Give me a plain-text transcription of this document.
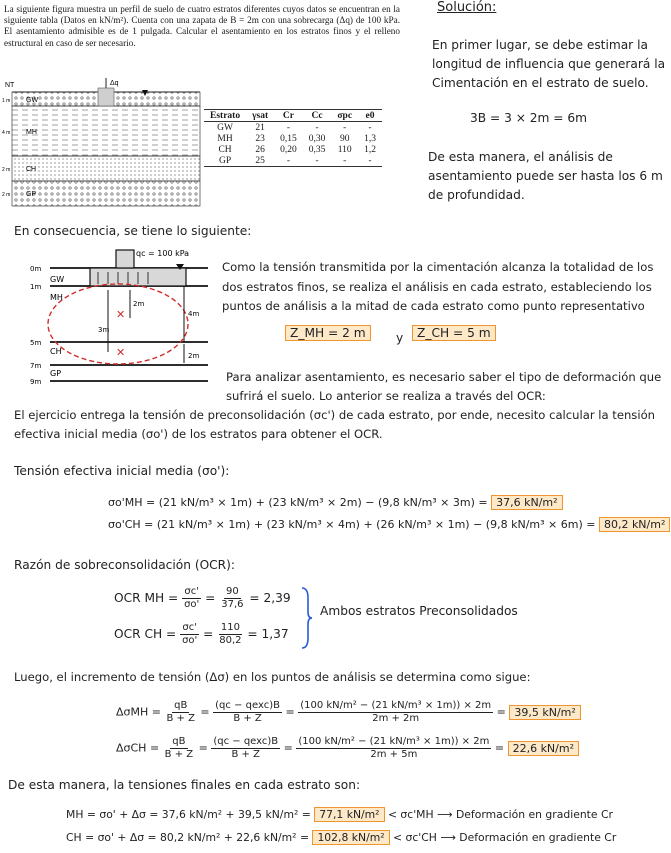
La siguiente figura muestra un perfil de suelo de cuatro estratos diferentes cuyos datos se encuentran en la siguiente tabla (Datos en kN/m²). Cuenta con una zapata de B = 2m con una sobrecarga (Δq) de 100 kPa. El asentamiento admisible es de 1 pulgada. Calcular el asentamiento en los estratos finos y el relleno estructural en caso de ser necesario.
NT	Δq
GW
MH
CH
GP
1 m
4 m
2 m
2 m
Estrato	γsat	Cr	Cc	σpc	e0
GW	21	-	-	-	-
MH	23	0,15	0,30	90	1,3
CH	26	0,20	0,35	110	1,2
GP	25	-	-	-	-
Solución:
En primer lugar, se debe estimar la longitud de influencia que generará la Cimentación en el estrato de suelo.
3B = 3 × 2m = 6m
De esta manera, el análisis de asentamiento puede ser hasta los 6 m de profundidad.
En consecuencia, se tiene lo siguiente:
✕
✕
qc = 100 kPa
0m
1m
5m
7m
9m
GW
MH
CH
GP
2m
3m
4m
2m
Como la tensión transmitida por la cimentación alcanza la totalidad de los dos estratos finos, se realiza el análisis en cada estrato, estableciendo los puntos de análisis a la mitad de cada estrato como punto representativo
Z_MH = 2 m	y	Z_CH = 5 m
Para analizar asentamiento, es necesario saber el tipo de deformación que sufrirá el suelo. Lo anterior se realiza a través del OCR:
El ejercicio entrega la tensión de preconsolidación (σc') de cada estrato, por ende, necesito calcular la tensión efectiva inicial media (σo') de los estratos para obtener el OCR.
Tensión efectiva inicial media (σo'):
σo'MH = (21 kN/m³ × 1m) + (23 kN/m³ × 2m) − (9,8 kN/m³ × 3m) = 37,6 kN/m²
σo'CH = (21 kN/m³ × 1m) + (23 kN/m³ × 4m) + (26 kN/m³ × 1m) − (9,8 kN/m³ × 6m) = 80,2 kN/m²
Razón de sobreconsolidación (OCR):
OCR MH = $\frac{\sigma c'}{\sigma o'} = \frac{90}{37,6} = 2,39$
OCR CH = $\frac{\sigma c'}{\sigma o'} = \frac{110}{80,2} = 1,37$
Ambos estratos Preconsolidados
Luego, el incremento de tensión (Δσ) en los puntos de análisis se determina como sigue:
$\Delta\sigma MH = \frac{qB}{B + Z} = \frac{\text{(qc − qexc)B}}{B + Z} = \frac{\text{(100 kN/m² − (21 kN/m³ × 1m)) × 2m}}{2m + 2m} = 39,5$ kN/m²
$\Delta\sigma CH = \frac{qB}{B + Z} = \frac{\text{(qc − qexc)B}}{B + Z} = \frac{\text{(100 kN/m² − (21 kN/m³ × 1m)) × 2m}}{2m + 5m} = 22,6$ kN/m²
De esta manera, la tensiones finales en cada estrato son:
MH = σo' + Δσ = 37,6 kN/m² + 39,5 kN/m² = 77,1 kN/m² < σc'MH ⟶ Deformación en gradiente Cr
CH = σo' + Δσ = 80,2 kN/m² + 22,6 kN/m² = 102,8 kN/m² < σc'CH ⟶ Deformación en gradiente Cr
